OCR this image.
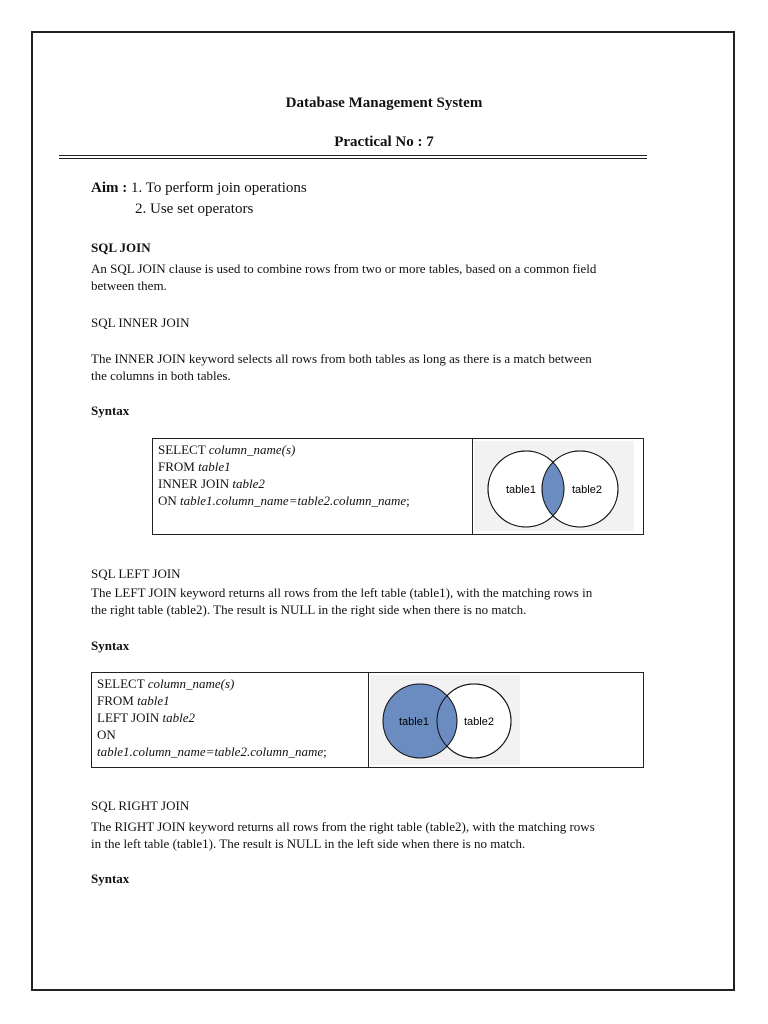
Database Management System
Practical No : 7
Aim : 1. To perform join operations
2. Use set operators
SQL JOIN
An SQL JOIN clause is used to combine rows from two or more tables, based on a common field
between them.
SQL INNER JOIN
The INNER JOIN keyword selects all rows from both tables as long as there is a match between
the columns in both tables.
Syntax
SELECT column_name(s)
FROM table1
INNER JOIN table2
ON table1.column_name=table2.column_name;
table1	table2
SQL LEFT JOIN
The LEFT JOIN keyword returns all rows from the left table (table1), with the matching rows in
the right table (table2). The result is NULL in the right side when there is no match.
Syntax
SELECT column_name(s)
FROM table1
LEFT JOIN table2
ON
table1.column_name=table2.column_name;
table1	table2
SQL RIGHT JOIN
The RIGHT JOIN keyword returns all rows from the right table (table2), with the matching rows
in the left table (table1). The result is NULL in the left side when there is no match.
Syntax
